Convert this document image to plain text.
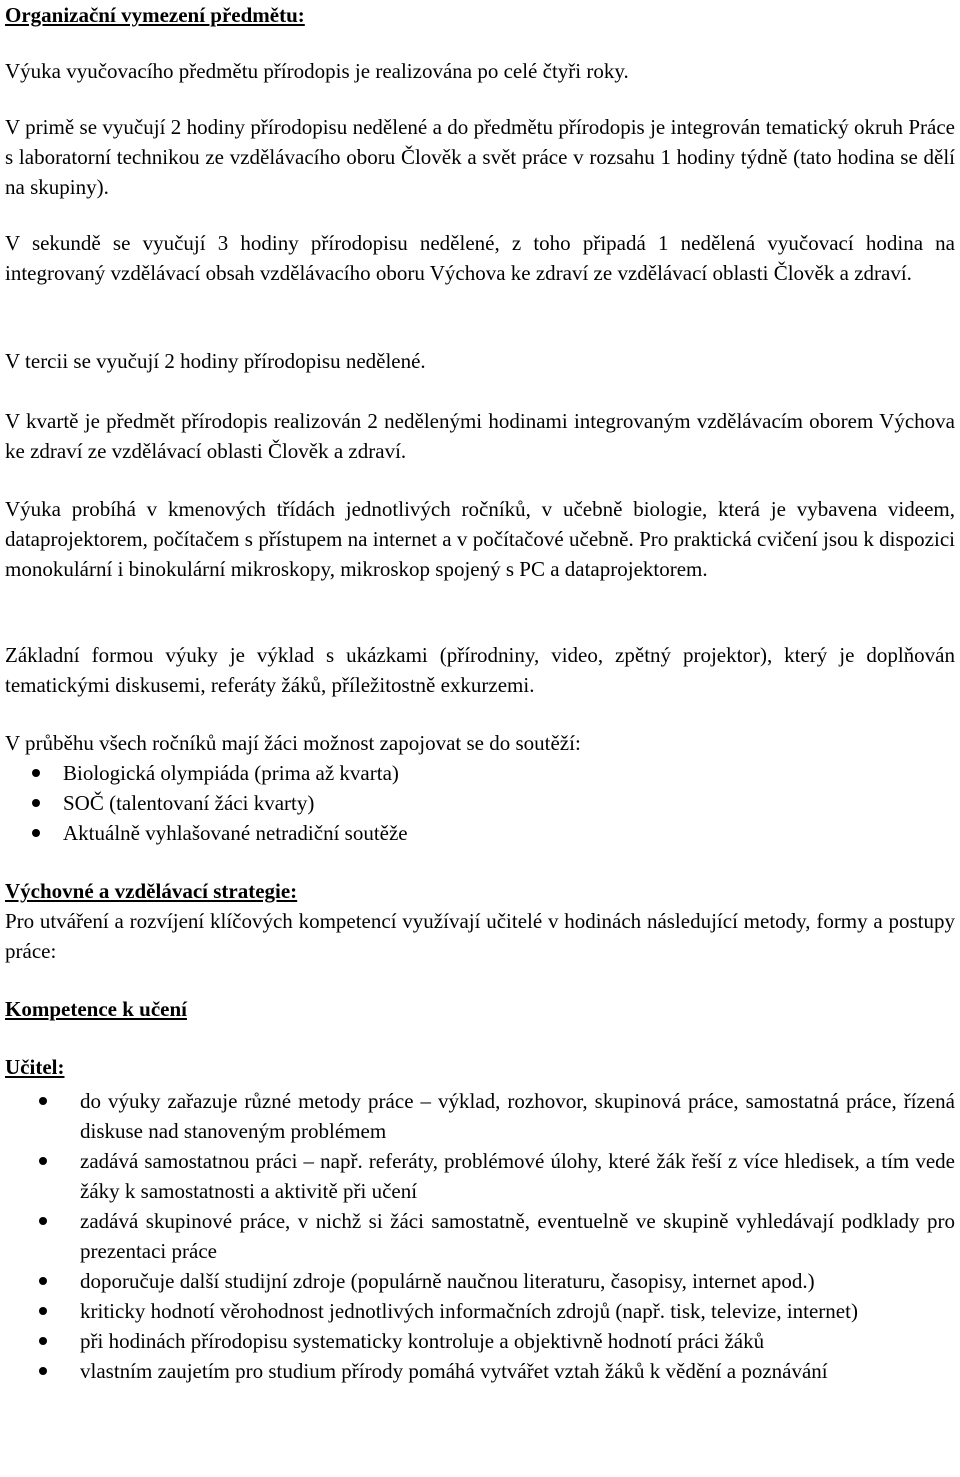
Organizační vymezení předmětu:

Výuka vyučovacího předmětu přírodopis je realizována po celé čtyři roky.

V primě se vyučují 2 hodiny přírodopisu nedělené a do předmětu přírodopis je integrován tematický okruh Práce s laboratorní technikou ze vzdělávacího oboru Člověk a svět práce v rozsahu 1 hodiny týdně (tato hodina se dělí na skupiny).

V sekundě se vyučují 3 hodiny přírodopisu nedělené, z toho připadá 1 nedělená vyučovací hodina na integrovaný vzdělávací obsah vzdělávacího oboru Výchova ke zdraví ze vzdělávací oblasti Člověk a zdraví.

V tercii se vyučují 2 hodiny přírodopisu nedělené.

V kvartě je předmět přírodopis realizován 2 nedělenými hodinami integrovaným vzdělávacím oborem Výchova ke zdraví ze vzdělávací oblasti Člověk a zdraví.

Výuka probíhá v kmenových třídách jednotlivých ročníků, v učebně biologie, která je vybavena videem, dataprojektorem, počítačem s přístupem na internet a v počítačové učebně. Pro praktická cvičení jsou k dispozici monokulární i binokulární mikroskopy, mikroskop spojený s PC a dataprojektorem.

Základní formou výuky je výklad s ukázkami (přírodniny, video, zpětný projektor), který je doplňován tematickými diskusemi, referáty žáků, příležitostně exkurzemi.

V průběhu všech ročníků mají žáci možnost zapojovat se do soutěží:

Biologická olympiáda (prima až kvarta)
SOČ (talentovaní žáci kvarty)
Aktuálně vyhlašované netradiční soutěže
Výchovné a vzdělávací strategie:

Pro utváření a rozvíjení klíčových kompetencí využívají učitelé v hodinách následující metody, formy a postupy práce:

Kompetence k učení
Učitel:
do výuky zařazuje různé metody práce – výklad, rozhovor, skupinová práce, samostatná práce, řízená diskuse nad stanoveným problémem
zadává samostatnou práci – např. referáty, problémové úlohy, které žák řeší z více hledisek, a tím vede žáky k samostatnosti a aktivitě při učení
zadává skupinové práce, v nichž si žáci samostatně, eventuelně ve skupině vyhledávají podklady pro prezentaci práce
doporučuje další studijní zdroje (populárně naučnou literaturu, časopisy, internet apod.)
kriticky hodnotí věrohodnost jednotlivých informačních zdrojů (např. tisk, televize, internet)
při hodinách přírodopisu systematicky kontroluje a objektivně hodnotí práci žáků
vlastním zaujetím pro studium přírody pomáhá vytvářet vztah žáků k vědění a poznávání
